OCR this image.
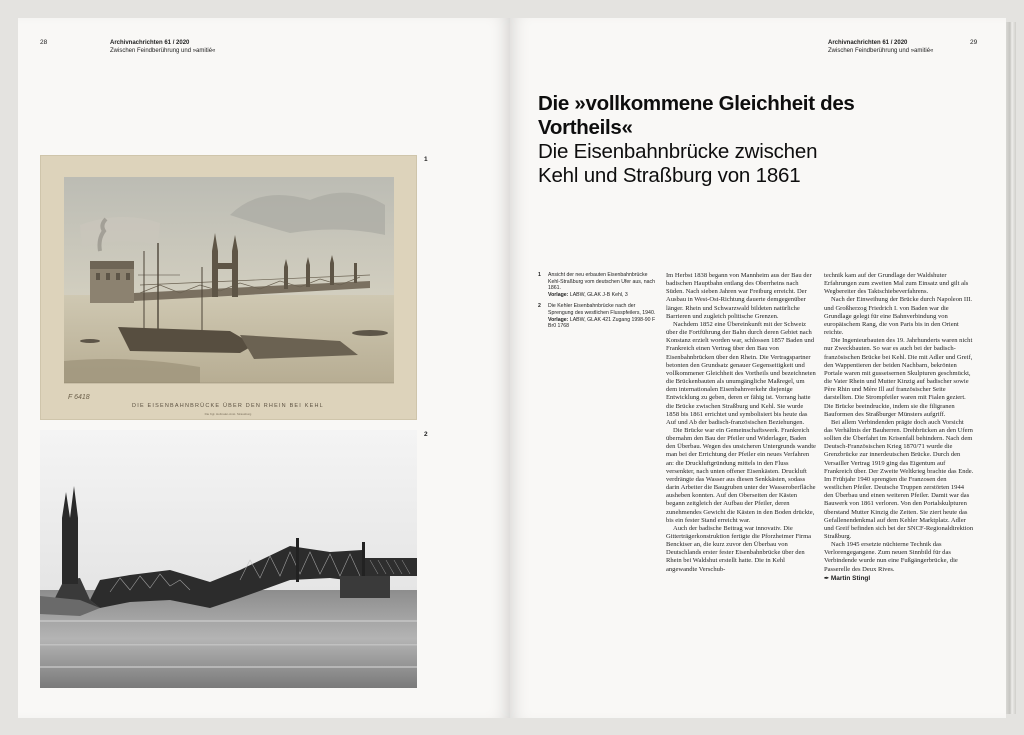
28	Archivnachrichten 61 / 2020
Zwischen Feindberührung und »amitié«
1
2
F 6418
DIE EISENBAHNBRÜCKE ÜBER DEN RHEIN BEI KEHL
Die Kgl. Hofmaler-Anst. Strassburg
Archivnachrichten 61 / 2020
Zwischen Feindberührung und »amitié«
29
Die »vollkommene Gleichheit des Vortheils«
Die Eisenbahnbrücke zwischen Kehl und Straßburg von 1861
1	Ansicht der neu erbauten Eisenbahnbrücke Kehl-Straßburg vom deutschen Ufer aus, nach 1861.
Vorlage: LABW, GLAK J-B Kehl, 3
2	Die Kehler Eisenbahnbrücke nach der Sprengung des westlichen Flusspfeilers, 1940.
Vorlage: LABW, GLAK 421 Zugang 1998-90 F Br0 1768

Im Herbst 1838 begann von Mannheim aus der Bau der badischen Hauptbahn entlang des Oberrheins nach Süden. Nach sieben Jahren war Freiburg erreicht. Der Ausbau in West-Ost-Richtung dauerte demgegenüber länger. Rhein und Schwarzwald bildeten natürliche Barrieren und zugleich politische Grenzen.

Nachdem 1852 eine Übereinkunft mit der Schweiz über die Fortführung der Bahn durch deren Gebiet nach Konstanz erzielt worden war, schlossen 1857 Baden und Frankreich einen Vertrag über den Bau von Eisenbahnbrücken über den Rhein. Die Vertragspartner betonten den Grundsatz genauer Gegenseitigkeit und vollkommener Gleichheit des Vortheils und bezeichneten die Brückenbauten als unumgängliche Maßregel, um dem internationalen Eisenbahnverkehr diejenige Entwicklung zu geben, deren er fähig ist. Vorrang hatte die Brücke zwischen Straßburg und Kehl. Sie wurde 1858 bis 1861 errichtet und symbolisiert bis heute das Auf und Ab der badisch-französischen Beziehungen.

Die Brücke war ein Gemeinschaftswerk. Frankreich übernahm den Bau der Pfeiler und Widerlager, Baden den Überbau. Wegen des unsicheren Untergrunds wandte man bei der Errichtung der Pfeiler ein neues Verfahren an: die Druckluftgründung mittels in den Fluss versenkter, nach unten offener Eisenkästen. Druckluft verdrängte das Wasser aus diesen Senkkästen, sodass darin Arbeiter die Baugruben unter der Wasseroberfläche ausheben konnten. Auf den Oberseiten der Kästen begann zeitgleich der Aufbau der Pfeiler, deren zunehmendes Gewicht die Kästen in den Boden drückte, bis ein fester Stand erreicht war.

Auch der badische Beitrag war innovativ. Die Gitterträgerkonstruktion fertigte die Pforzheimer Firma Benckiser an, die kurz zuvor den Überbau von Deutschlands erster fester Eisenbahnbrücke über den Rhein bei Waldshut erstellt hatte. Die in Kehl angewandte Verschub-

technik kam auf der Grundlage der Waldshuter Erfahrungen zum zweiten Mal zum Einsatz und gilt als Wegbereiter des Taktschiebeverfahrens.

Nach der Einweihung der Brücke durch Napoleon III. und Großherzog Friedrich I. von Baden war die Grundlage gelegt für eine Bahnverbindung von europäischem Rang, die von Paris bis in den Orient reichte.

Die Ingenieurbauten des 19. Jahrhunderts waren nicht nur Zweckbauten. So war es auch bei der badisch-französischen Brücke bei Kehl. Die mit Adler und Greif, den Wappentieren der beiden Nachbarn, bekrönten Portale waren mit gusseisernen Skulpturen geschmückt, die Vater Rhein und Mutter Kinzig auf badischer sowie Père Rhin und Mère Ill auf französischer Seite darstellten. Die Strompfeiler waren mit Fialen geziert. Die Brücke beeindruckte, indem sie die filigranen Bauformen des Straßburger Münsters aufgriff.

Bei allem Verbindenden prägte doch auch Vorsicht das Verhältnis der Bauherren. Drehbrücken an den Ufern sollten die Überfahrt im Krisenfall behindern. Nach dem Deutsch-Französischen Krieg 1870/71 wurde die Grenzbrücke zur innerdeutschen Brücke. Durch den Versailler Vertrag 1919 ging das Eigentum auf Frankreich über. Der Zweite Weltkrieg brachte das Ende. Im Frühjahr 1940 sprengten die Franzosen den westlichen Pfeiler. Deutsche Truppen zerstörten 1944 den Überbau und einen weiteren Pfeiler. Damit war das Bauwerk von 1861 verloren. Von den Portalskulpturen überstand Mutter Kinzig die Zeiten. Sie ziert heute das Gefallenendenkmal auf dem Kehler Marktplatz. Adler und Greif befinden sich bei der SNCF-Regionaldirektion Straßburg.

Nach 1945 ersetzte nüchterne Technik das Verlorengegangene. Zum neuen Sinnbild für das Verbindende wurde nun eine Fußgängerbrücke, die Passerelle des Deux Rives.

✒ Martin Stingl
